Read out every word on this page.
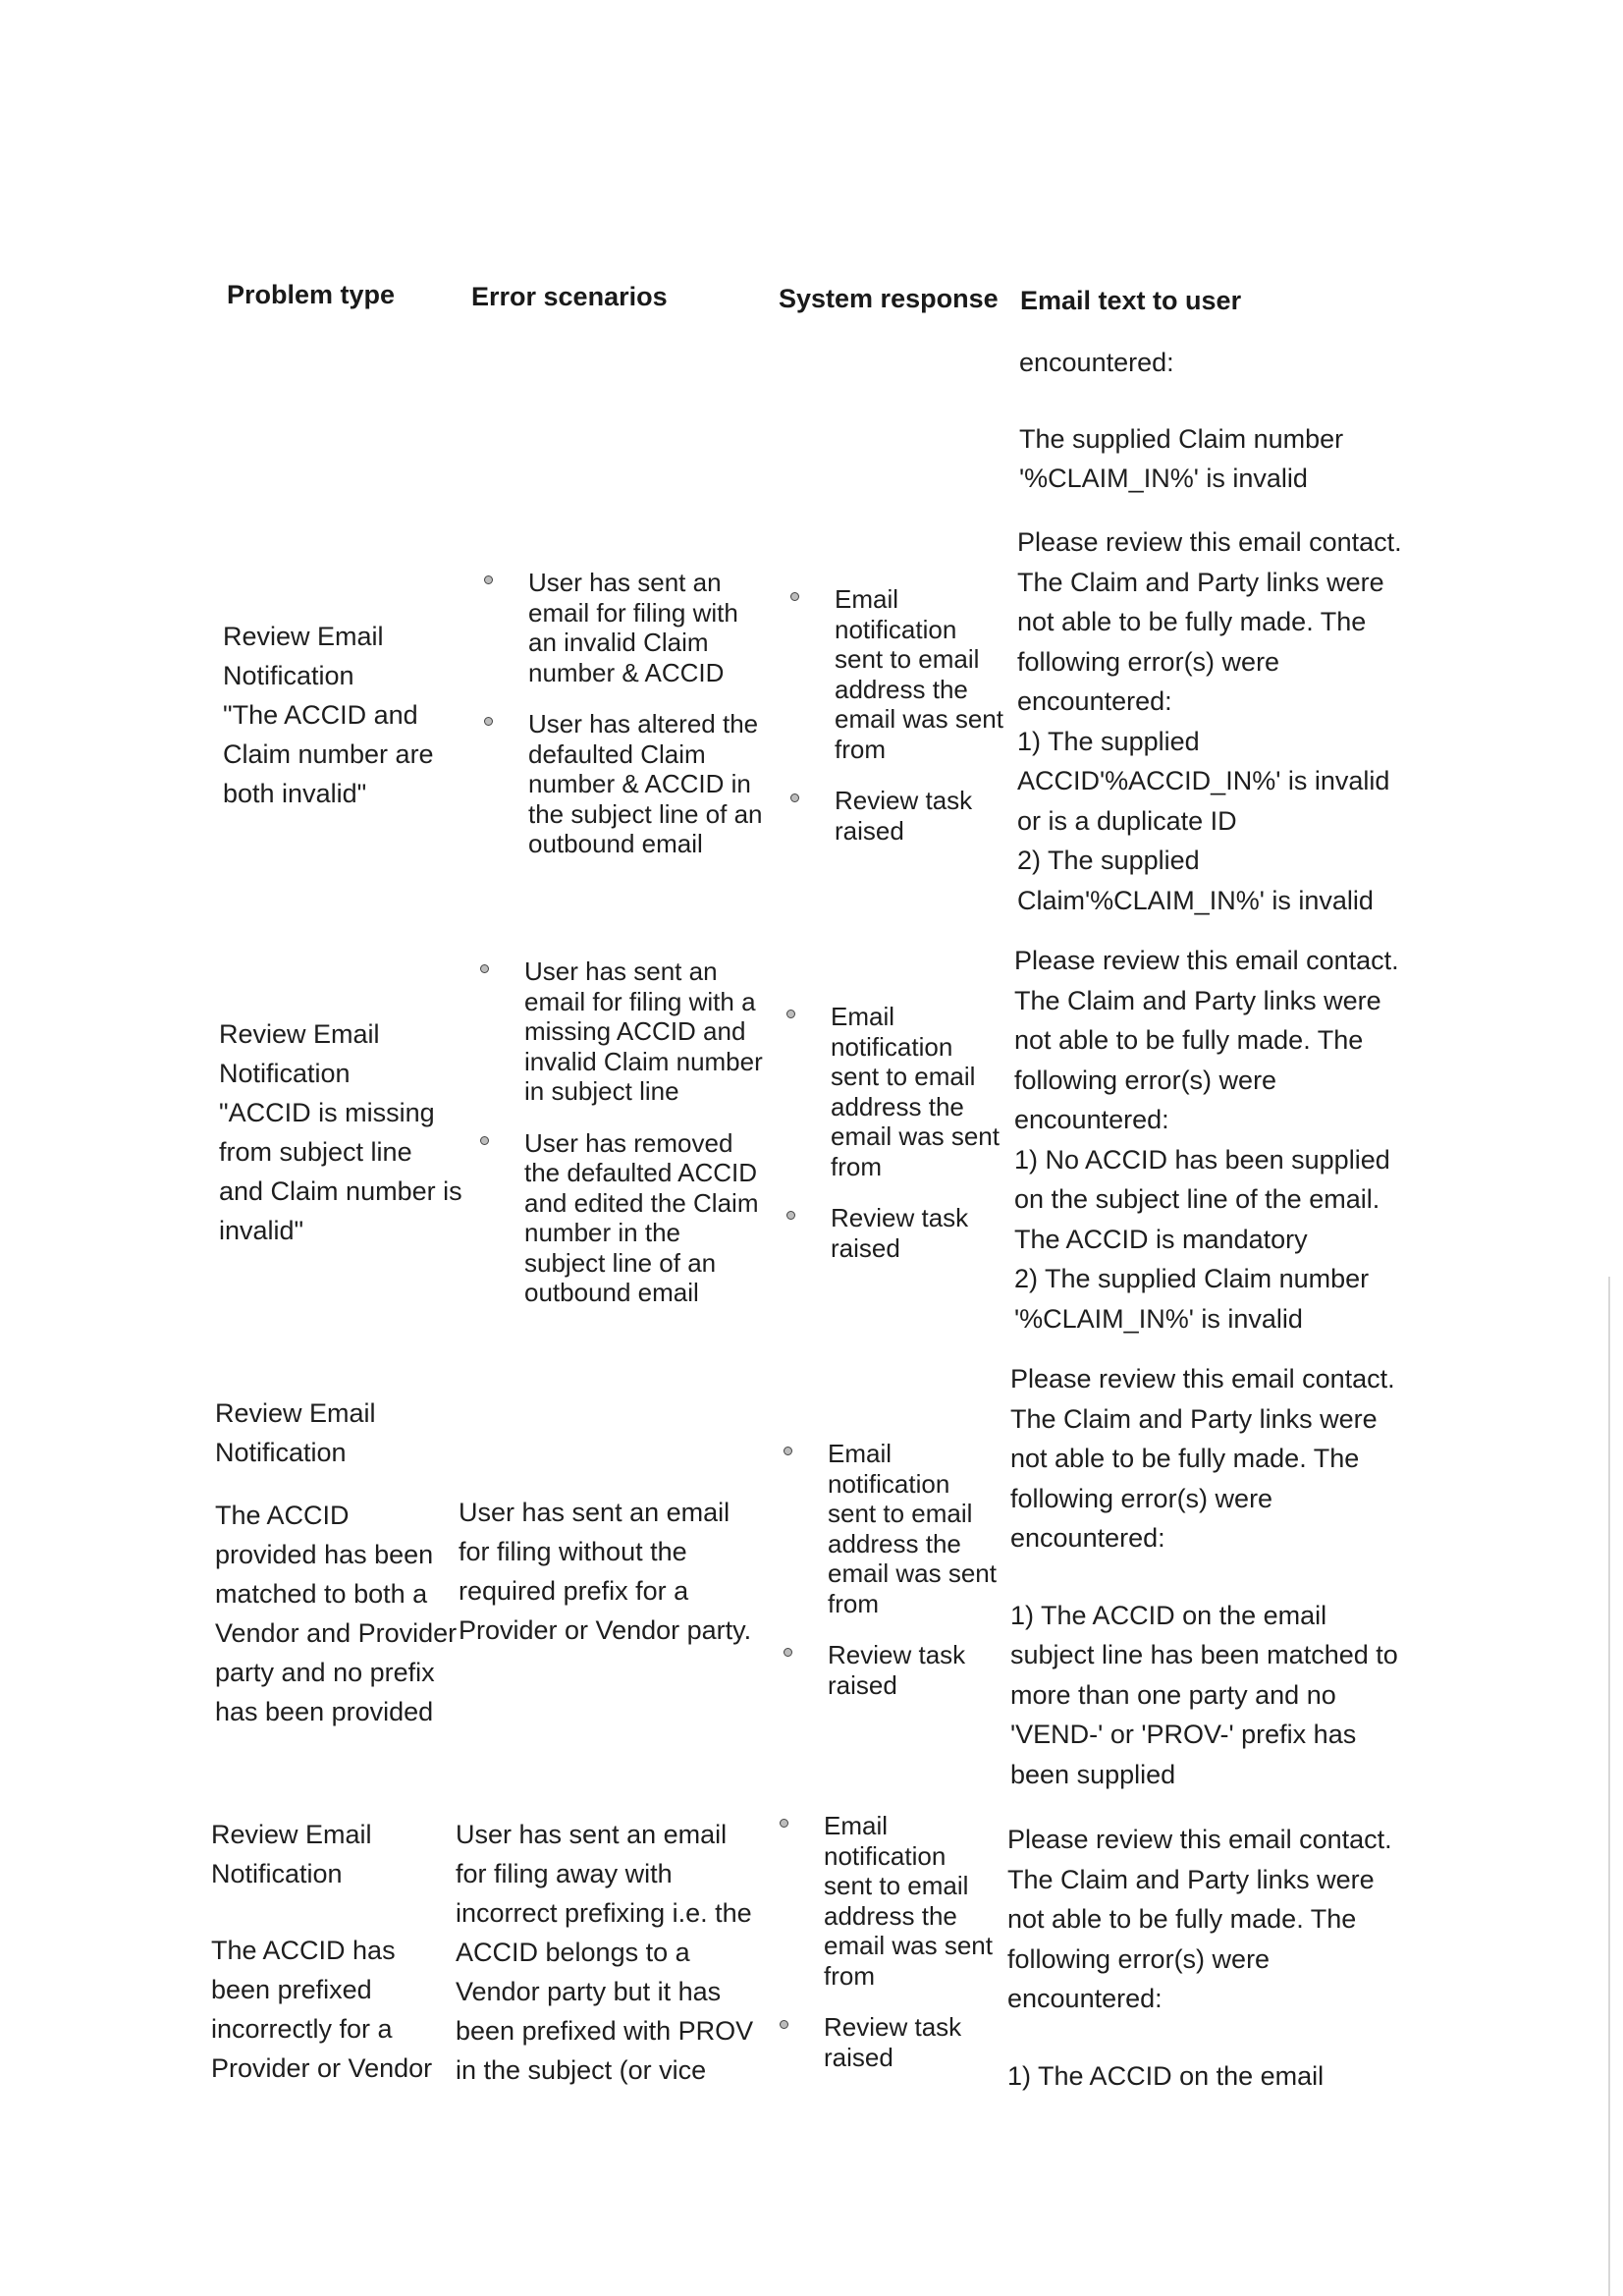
Problem type	Error scenarios	System response Email text to user
encountered:
The supplied Claim number
'%CLAIM_IN%' is invalid
Review Email
Notification
"The ACCID and
Claim number are
both invalid"
User has sent an
email for filing with
an invalid Claim
number & ACCID
User has altered the
defaulted Claim
number & ACCID in
the subject line of an
outbound email
Email
notification
sent to email
address the
email was sent
from
Review task
raised
Please review this email contact.
The Claim and Party links were
not able to be fully made. The
following error(s) were
encountered:
1) The supplied
ACCID'%ACCID_IN%' is invalid
or is a duplicate ID
2) The supplied
Claim'%CLAIM_IN%' is invalid
Review Email
Notification
"ACCID is missing
from subject line
and Claim number is
invalid"
User has sent an
email for filing with a
missing ACCID and
invalid Claim number
in subject line
User has removed
the defaulted ACCID
and edited the Claim
number in the
subject line of an
outbound email
Email
notification
sent to email
address the
email was sent
from
Review task
raised
Please review this email contact.
The Claim and Party links were
not able to be fully made. The
following error(s) were
encountered:
1) No ACCID has been supplied
on the subject line of the email.
The ACCID is mandatory
2) The supplied Claim number
'%CLAIM_IN%' is invalid
Review Email
Notification
The ACCID
provided has been
matched to both a
Vendor and Provider
party and no prefix
has been provided
User has sent an email
for filing without the
required prefix for a
Provider or Vendor party.
Email
notification
sent to email
address the
email was sent
from
Review task
raised
Please review this email contact.
The Claim and Party links were
not able to be fully made. The
following error(s) were
encountered:
1) The ACCID on the email
subject line has been matched to
more than one party and no
'VEND-' or 'PROV-' prefix has
been supplied
Review Email
Notification
The ACCID has
been prefixed
incorrectly for a
Provider or Vendor
User has sent an email
for filing away with
incorrect prefixing i.e. the
ACCID belongs to a
Vendor party but it has
been prefixed with PROV
in the subject (or vice
Email
notification
sent to email
address the
email was sent
from
Review task
raised
Please review this email contact.
The Claim and Party links were
not able to be fully made. The
following error(s) were
encountered:
1) The ACCID on the email
